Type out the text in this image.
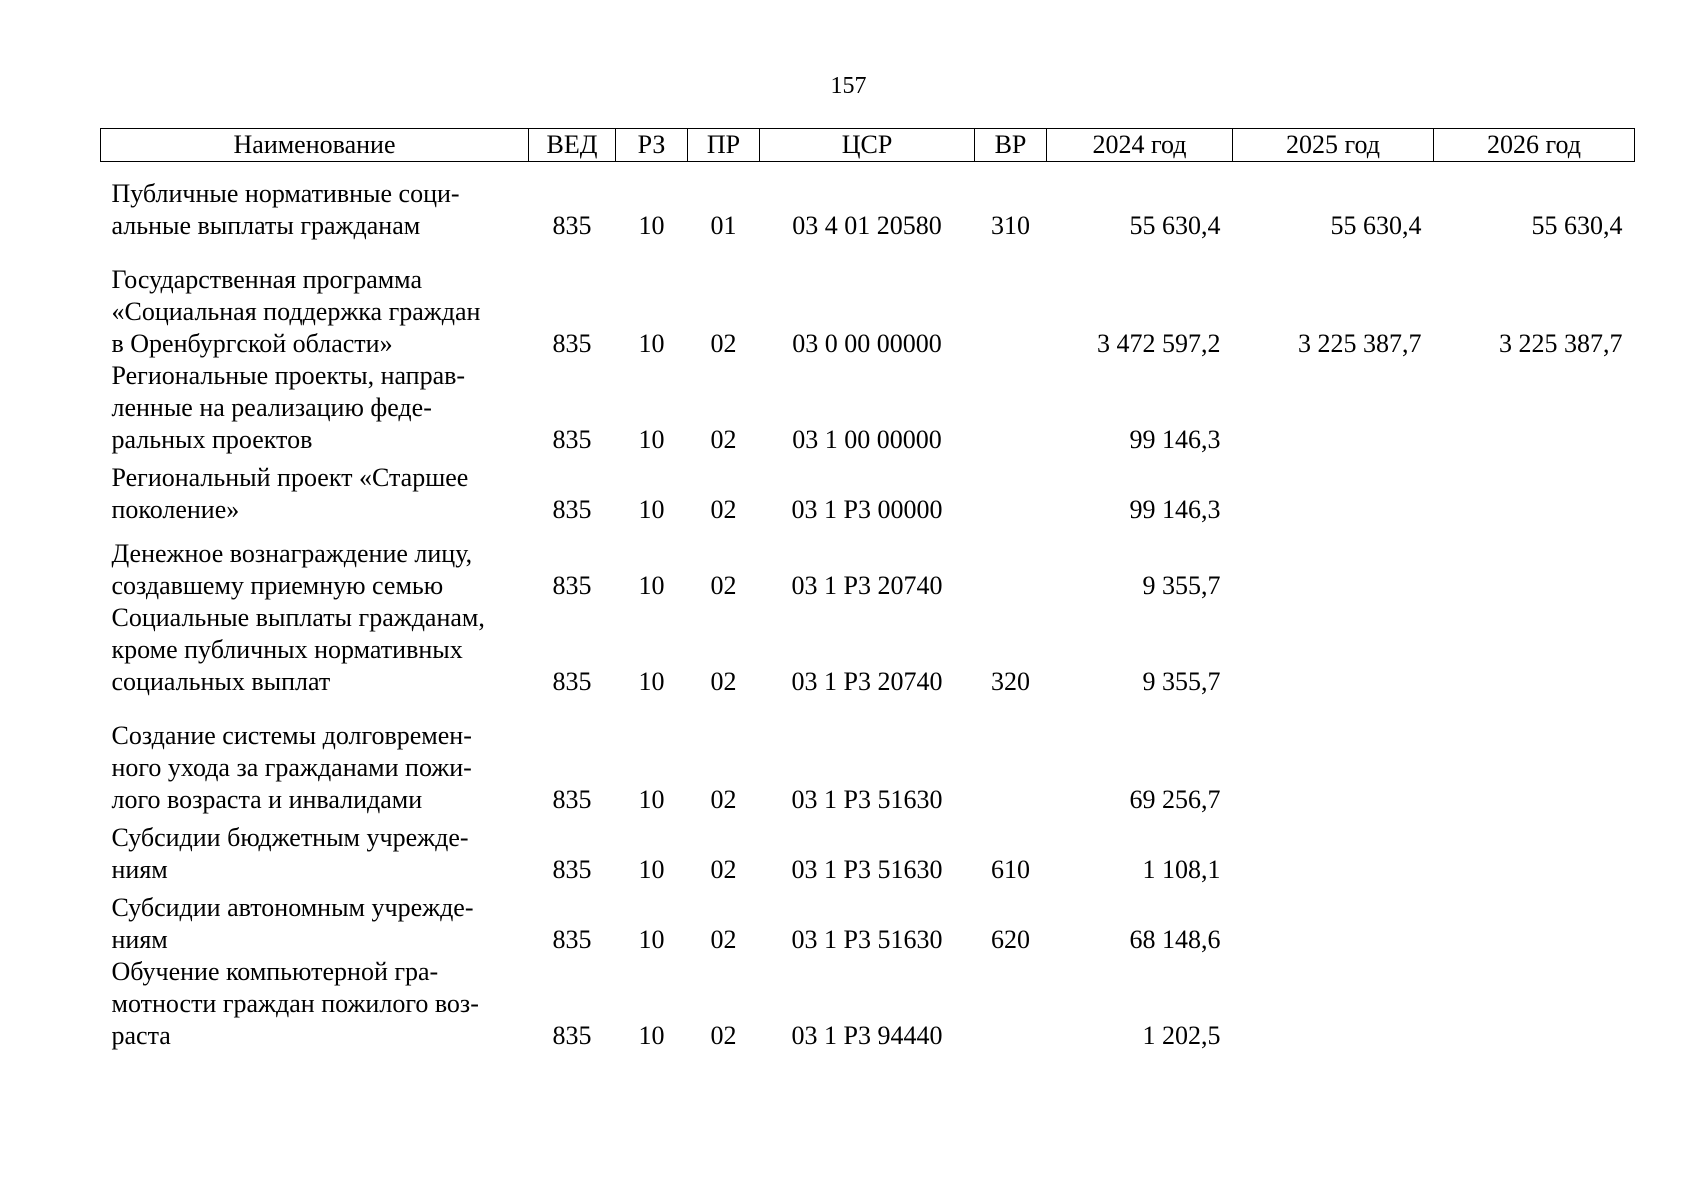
157
Наименование	ВЕД	РЗ	ПР	ЦСР	ВР	2024 год	2025 год	2026 год
Публичные нормативные соци-
альные выплаты гражданам	835	10	01	03 4 01 20580	310	55 630,4	55 630,4	55 630,4
Государственная программа
«Социальная поддержка граждан
в Оренбургской области»	835	10	02	03 0 00 00000		3 472 597,2	3 225 387,7	3 225 387,7
Региональные проекты, направ-
ленные на реализацию феде-
ральных проектов	835	10	02	03 1 00 00000		99 146,3		
Региональный проект «Старшее
поколение»	835	10	02	03 1 Р3 00000		99 146,3		
Денежное вознаграждение лицу,
создавшему приемную семью	835	10	02	03 1 Р3 20740		9 355,7		
Социальные выплаты гражданам,
кроме публичных нормативных
социальных выплат	835	10	02	03 1 Р3 20740	320	9 355,7		
Создание системы долговремен-
ного ухода за гражданами пожи-
лого возраста и инвалидами	835	10	02	03 1 Р3 51630		69 256,7		
Субсидии бюджетным учрежде-
ниям	835	10	02	03 1 Р3 51630	610	1 108,1		
Субсидии автономным учрежде-
ниям	835	10	02	03 1 Р3 51630	620	68 148,6		
Обучение компьютерной гра-
мотности граждан пожилого воз-
раста	835	10	02	03 1 Р3 94440		1 202,5		
